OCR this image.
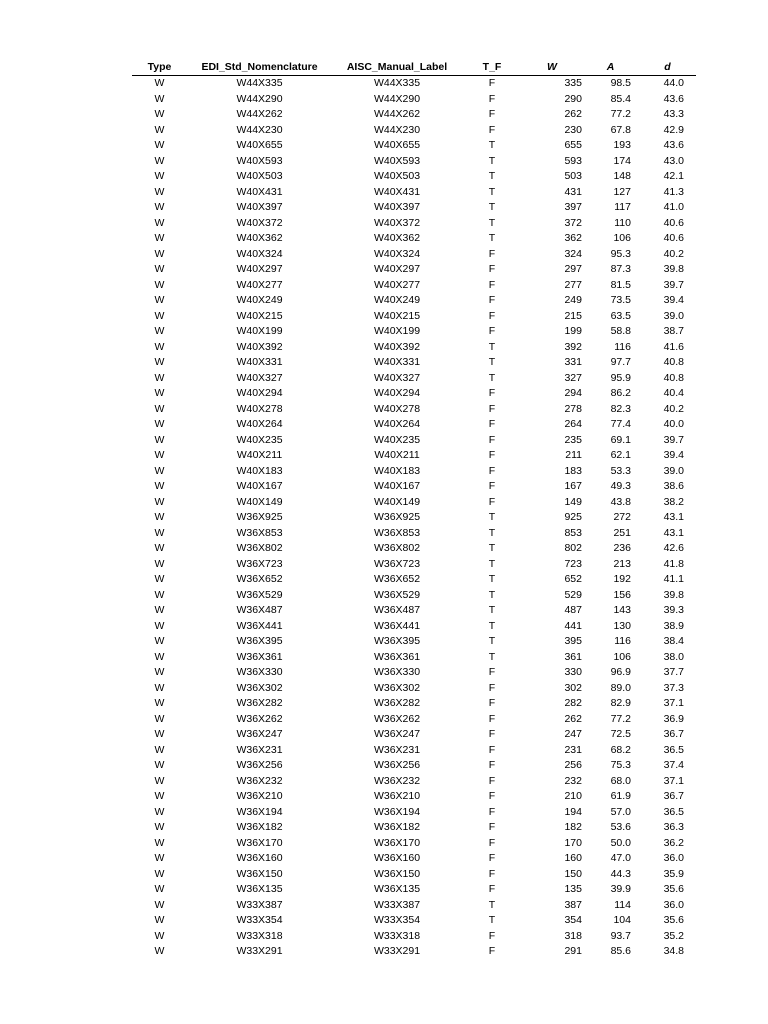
Type	EDI_Std_Nomenclature	AISC_Manual_Label	T_F	W	A	d
W	W44X335	W44X335	F	335	98.5	44.0
W	W44X290	W44X290	F	290	85.4	43.6
W	W44X262	W44X262	F	262	77.2	43.3
W	W44X230	W44X230	F	230	67.8	42.9
W	W40X655	W40X655	T	655	193	43.6
W	W40X593	W40X593	T	593	174	43.0
W	W40X503	W40X503	T	503	148	42.1
W	W40X431	W40X431	T	431	127	41.3
W	W40X397	W40X397	T	397	117	41.0
W	W40X372	W40X372	T	372	110	40.6
W	W40X362	W40X362	T	362	106	40.6
W	W40X324	W40X324	F	324	95.3	40.2
W	W40X297	W40X297	F	297	87.3	39.8
W	W40X277	W40X277	F	277	81.5	39.7
W	W40X249	W40X249	F	249	73.5	39.4
W	W40X215	W40X215	F	215	63.5	39.0
W	W40X199	W40X199	F	199	58.8	38.7
W	W40X392	W40X392	T	392	116	41.6
W	W40X331	W40X331	T	331	97.7	40.8
W	W40X327	W40X327	T	327	95.9	40.8
W	W40X294	W40X294	F	294	86.2	40.4
W	W40X278	W40X278	F	278	82.3	40.2
W	W40X264	W40X264	F	264	77.4	40.0
W	W40X235	W40X235	F	235	69.1	39.7
W	W40X211	W40X211	F	211	62.1	39.4
W	W40X183	W40X183	F	183	53.3	39.0
W	W40X167	W40X167	F	167	49.3	38.6
W	W40X149	W40X149	F	149	43.8	38.2
W	W36X925	W36X925	T	925	272	43.1
W	W36X853	W36X853	T	853	251	43.1
W	W36X802	W36X802	T	802	236	42.6
W	W36X723	W36X723	T	723	213	41.8
W	W36X652	W36X652	T	652	192	41.1
W	W36X529	W36X529	T	529	156	39.8
W	W36X487	W36X487	T	487	143	39.3
W	W36X441	W36X441	T	441	130	38.9
W	W36X395	W36X395	T	395	116	38.4
W	W36X361	W36X361	T	361	106	38.0
W	W36X330	W36X330	F	330	96.9	37.7
W	W36X302	W36X302	F	302	89.0	37.3
W	W36X282	W36X282	F	282	82.9	37.1
W	W36X262	W36X262	F	262	77.2	36.9
W	W36X247	W36X247	F	247	72.5	36.7
W	W36X231	W36X231	F	231	68.2	36.5
W	W36X256	W36X256	F	256	75.3	37.4
W	W36X232	W36X232	F	232	68.0	37.1
W	W36X210	W36X210	F	210	61.9	36.7
W	W36X194	W36X194	F	194	57.0	36.5
W	W36X182	W36X182	F	182	53.6	36.3
W	W36X170	W36X170	F	170	50.0	36.2
W	W36X160	W36X160	F	160	47.0	36.0
W	W36X150	W36X150	F	150	44.3	35.9
W	W36X135	W36X135	F	135	39.9	35.6
W	W33X387	W33X387	T	387	114	36.0
W	W33X354	W33X354	T	354	104	35.6
W	W33X318	W33X318	F	318	93.7	35.2
W	W33X291	W33X291	F	291	85.6	34.8
